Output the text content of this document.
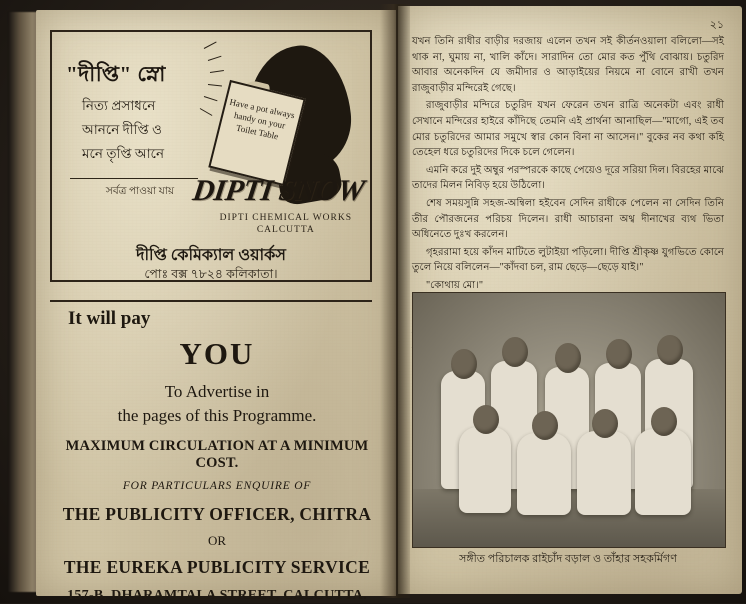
"দীপ্তি" স্নো
নিত্য প্রসাধনে
আননে দীপ্তি ও
মনে তৃপ্তি আনে
সর্বত্র পাওয়া যায়
Have a pot always handy on your Toilet Table
DIPTI SNOW
DIPTI CHEMICAL WORKS
CALCUTTA
দীপ্তি কেমিক্যাল ওয়ার্কস
পোঃ বক্স ৭৮২৪ কলিকাতা।
It will pay
YOU
To Advertise in
the pages of this Programme.
MAXIMUM CIRCULATION AT A MINIMUM COST.
FOR PARTICULARS ENQUIRE OF
THE PUBLICITY OFFICER, CHITRA
OR
THE EUREKA PUBLICITY SERVICE
157-B, DHARAMTALA STREET, CALCUTTA.
২১

যখন তিনি রাধীর বাড়ীর দরজায় এলেন তখন সই কীর্তনওয়ালা বলিলো—সই থাক না, ঘুমায় না, খালি কাঁদে। সারাদিন তো মোর কত পুঁথি বোঝায়। চতুরিদ আবার অনেকদিন যে জমীদার ও আড়াইয়ের নিয়মে না বোনে রাখী তখন রাজুবাড়ীর মন্দিরেই গেছে।

রাজুবাড়ীর মন্দিরে চতুরিদ যখন ফেরেন তখন রাত্রি অনেকটা এবং রাধী সেখানে মন্দিরের হাইরে কাঁদিছে তেমনি এই প্রার্থনা আনাছিল—"মাগো, এই তব মোর চতুরিদের আমার সমুখে স্বার কোন বিনা না আসেন।" বুকের নব কথা কহি তেহেল ধরে চতুরিদের দিকে চলে গেলেন।

এমনি করে দুই অম্বুর পরস্পরকে কাছে পেয়েও দূরে সরিয়া দিল। বিরহের মাঝে তাদের মিলন নিবিড় হয়ে উঠিলো।

শেষ সময়সুন্নি সহজ-অন্বিলা হইবেন সেদিন রাধীকে পেলেন না সেদিন তিনি তীর পৌরজনের পরিচয় দিলেন। রাধী আচারনা অথ্ব দীনাখের ব্যথ ভিতা অধিনেতে দুঃখ করলেন।

গৃহররামা হয়ে কাঁদন মাটিতে লুটাইয়া পড়িলো। দীপ্তি শ্রীকৃষ্ণ যুগভিতে কোনে তুলে নিয়ে বলিলেন—"কাঁদবা চল, রাম ছেড়ে—ছেড়ে যাই।"

"কোথায় মো।"

সঙ্গীত পরিচালক রাইচাঁদ বড়াল ও তাঁহার সহকর্মিগণ
